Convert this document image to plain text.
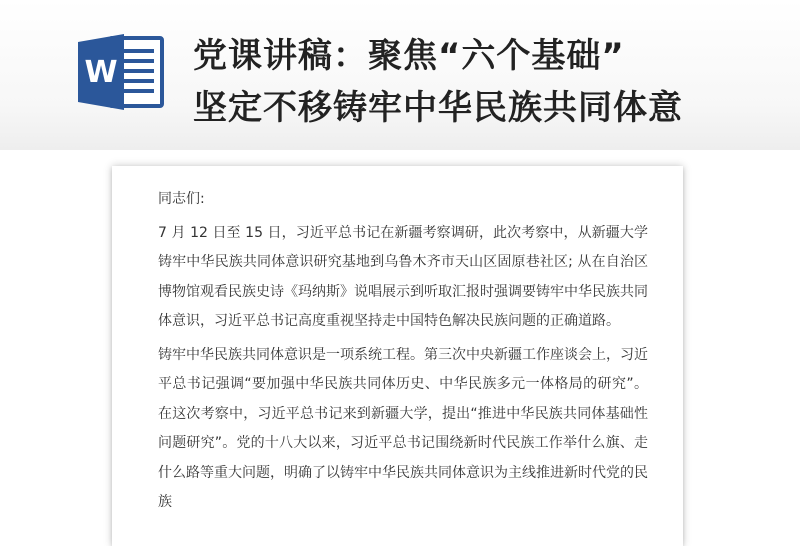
W 党课讲稿：聚焦“六个基础”
坚定不移铸牢中华民族共同体意

同志们:

7 月 12 日至 15 日，习近平总书记在新疆考察调研，此次考察中，从新疆大学铸牢中华民族共同体意识研究基地到乌鲁木齐市天山区固原巷社区; 从在自治区博物馆观看民族史诗《玛纳斯》说唱展示到听取汇报时强调要铸牢中华民族共同体意识，习近平总书记高度重视坚持走中国特色解决民族问题的正确道路。

铸牢中华民族共同体意识是一项系统工程。第三次中央新疆工作座谈会上，习近平总书记强调“要加强中华民族共同体历史、中华民族多元一体格局的研究”。在这次考察中，习近平总书记来到新疆大学，提出“推进中华民族共同体基础性问题研究”。党的十八大以来，习近平总书记围绕新时代民族工作举什么旗、走什么路等重大问题，明确了以铸牢中华民族共同体意识为主线推进新时代党的民族
